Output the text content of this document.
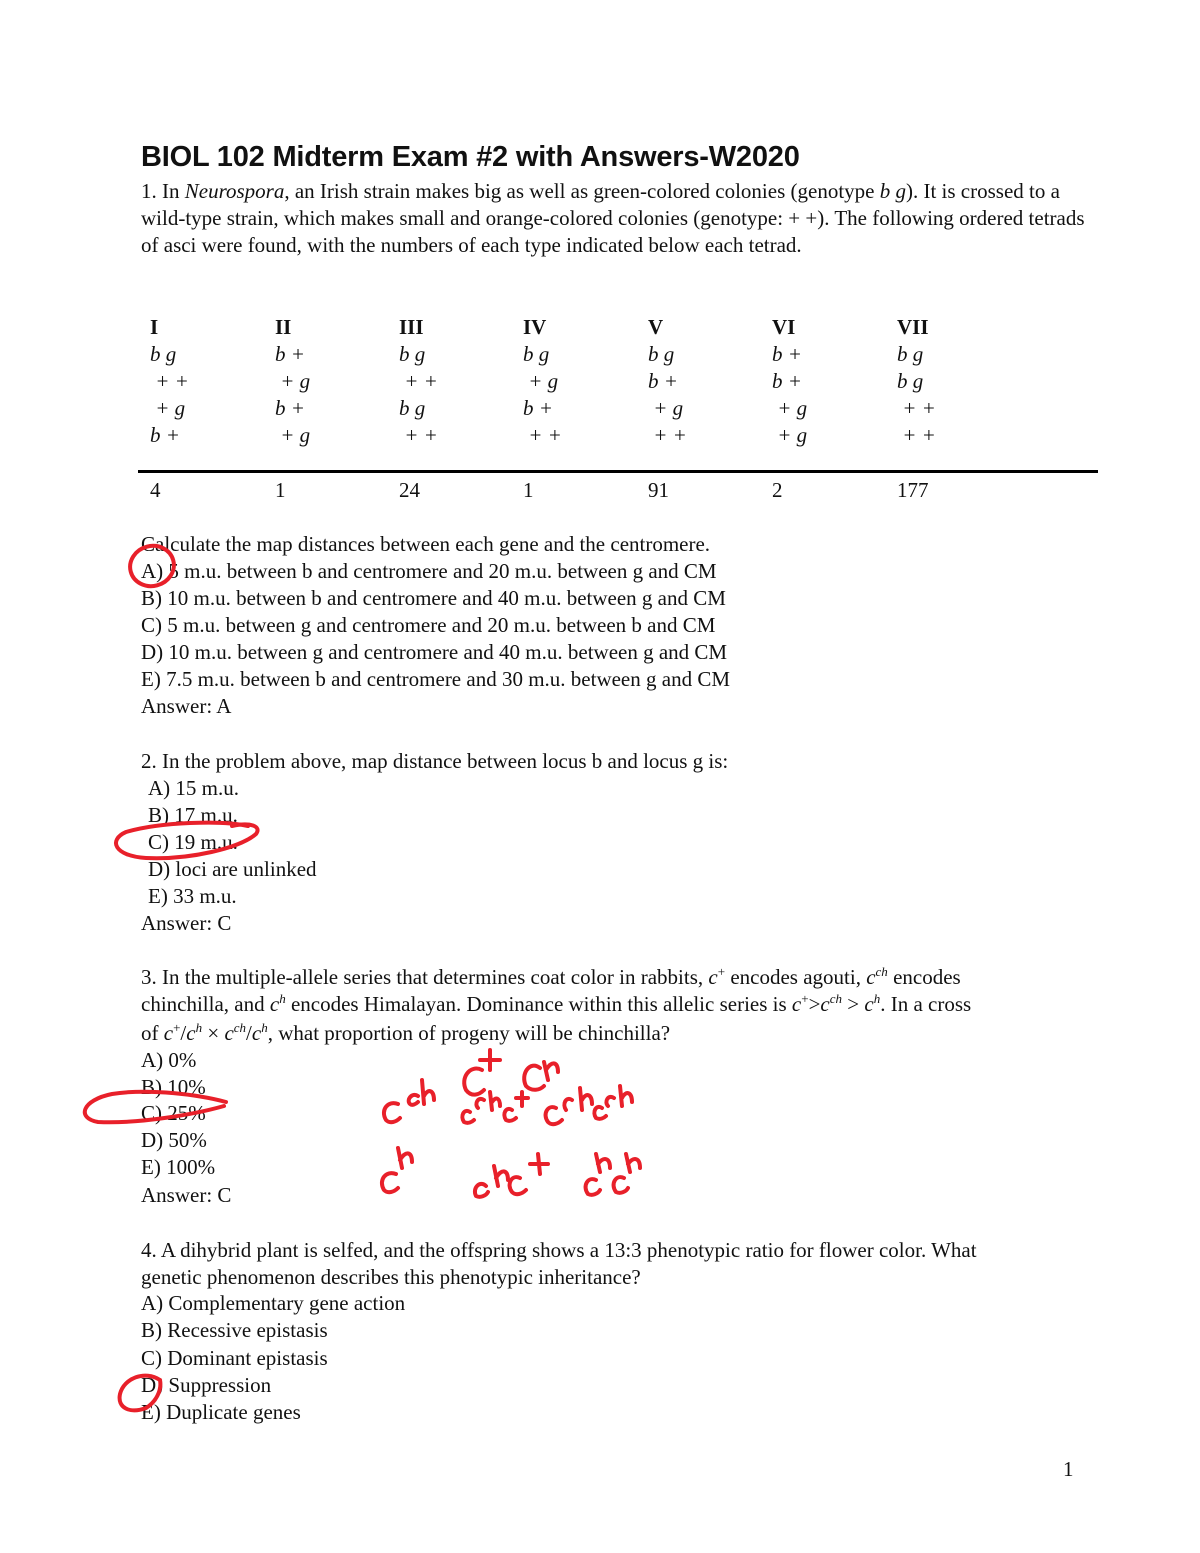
BIOL 102 Midterm Exam #2 with Answers-W2020
1. In Neurospora, an Irish strain makes big as well as green-colored colonies (genotype b g). It is crossed to a wild-type strain, which makes small and orange-colored colonies (genotype: + +). The following ordered tetrads of asci were found, with the numbers of each type indicated below each tetrad.
I
b g
+ +
+ g
b +
4
II
b +
+ g
b +
+ g
1
III
b g
+ +
b g
+ +
24
IV
b g
+ g
b +
+ +
1
V
b g
b +
+ g
+ +
91
VI
b +
b +
+ g
+ g
2
VII
b g
b g
+ +
+ +
177
Calculate the map distances between each gene and the centromere.
A) 5 m.u. between b and centromere and 20 m.u. between g and CM
B) 10 m.u. between b and centromere and 40 m.u. between g and CM
C) 5 m.u. between g and centromere and 20 m.u. between b and CM
D) 10 m.u. between g and centromere and 40 m.u. between g and CM
E) 7.5 m.u. between b and centromere and 30 m.u. between g and CM
Answer: A
2. In the problem above, map distance between locus b and locus g is:
A) 15 m.u.
B) 17 m.u.
C) 19 m.u.
D) loci are unlinked
E) 33 m.u.
Answer: C
3. In the multiple-allele series that determines coat color in rabbits, c+ encodes agouti, $c^{ch}$ encodes
chinchilla, and $c^h$ encodes Himalayan. Dominance within this allelic series is $c^+>c^{ch} > c^h$. In a cross
of $c^+/c^h \times c^{ch}/c^h$, what proportion of progeny will be chinchilla?
A) 0%
B) 10%
C) 25%
D) 50%
E) 100%
Answer: C
4. A dihybrid plant is selfed, and the offspring shows a 13:3 phenotypic ratio for flower color. What
genetic phenomenon describes this phenotypic inheritance?
A) Complementary gene action
B) Recessive epistasis
C) Dominant epistasis
D) Suppression
E) Duplicate genes
1
